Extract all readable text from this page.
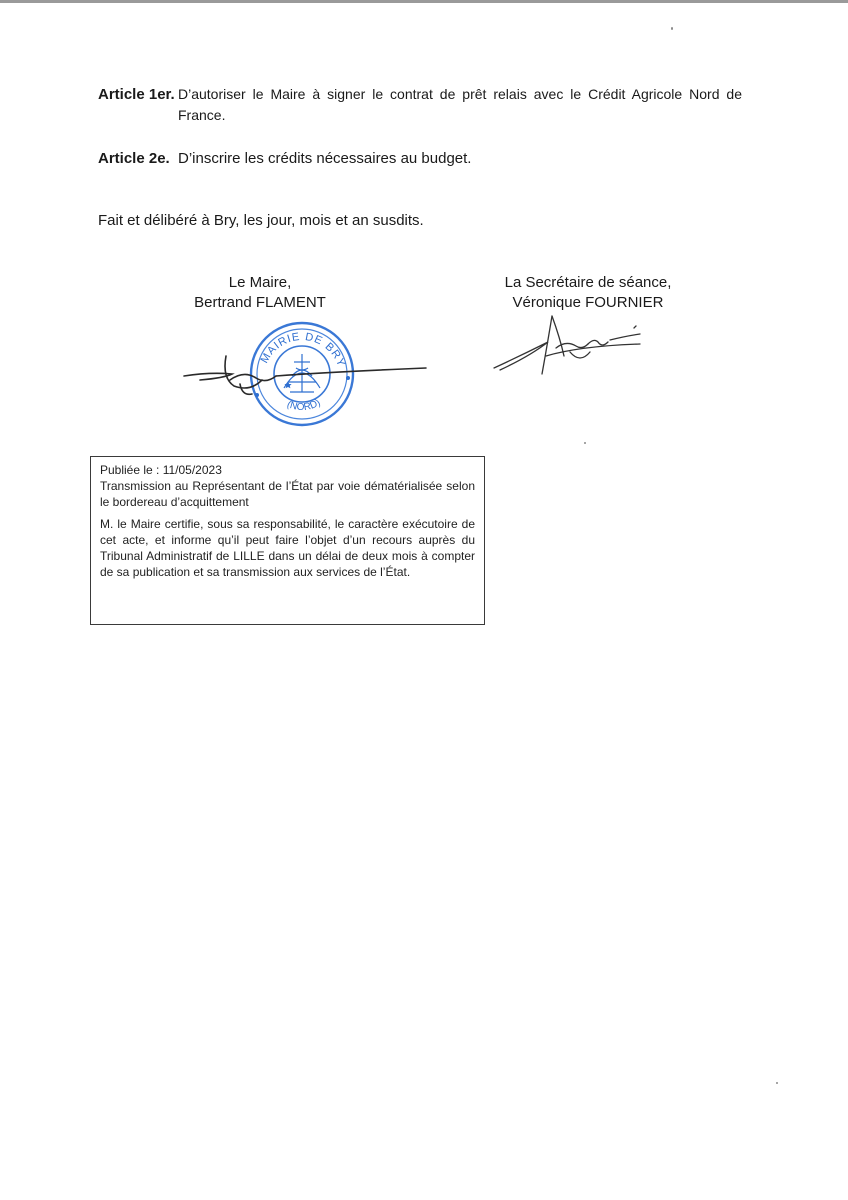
Article 1er. D’autoriser le Maire à signer le contrat de prêt relais avec le Crédit Agricole Nord de France.
Article 2e. D’inscrire les crédits nécessaires au budget.
Fait et délibéré à Bry, les jour, mois et an susdits.
Le Maire,
Bertrand FLAMENT
La Secrétaire de séance,
Véronique FOURNIER
MAIRIE DE BRY
(NORD)

Publiée le : 11/05/2023

Transmission au Représentant de l’État par voie dématérialisée selon le bordereau d’acquittement

M. le Maire certifie, sous sa responsabilité, le caractère exécutoire de cet acte, et informe qu’il peut faire l’objet d’un recours auprès du Tribunal Administratif de LILLE dans un délai de deux mois à compter de sa publication et sa transmission aux services de l’État.
